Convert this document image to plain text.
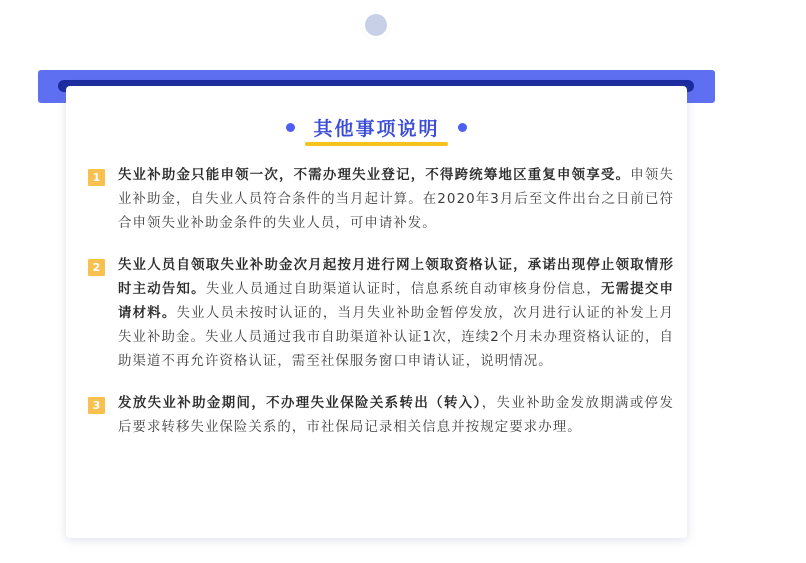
其他事项说明
1	失业补助金只能申领一次，不需办理失业登记，不得跨统筹地区重复申领享受。申领失业补助金，自失业人员符合条件的当月起计算。在2020年3月后至文件出台之日前已符合申领失业补助金条件的失业人员，可申请补发。
2	失业人员自领取失业补助金次月起按月进行网上领取资格认证，承诺出现停止领取情形时主动告知。失业人员通过自助渠道认证时，信息系统自动审核身份信息，无需提交申请材料。失业人员未按时认证的，当月失业补助金暂停发放，次月进行认证的补发上月失业补助金。失业人员通过我市自助渠道补认证1次，连续2个月未办理资格认证的，自助渠道不再允许资格认证，需至社保服务窗口申请认证，说明情况。
3	发放失业补助金期间，不办理失业保险关系转出（转入），失业补助金发放期满或停发后要求转移失业保险关系的，市社保局记录相关信息并按规定要求办理。
